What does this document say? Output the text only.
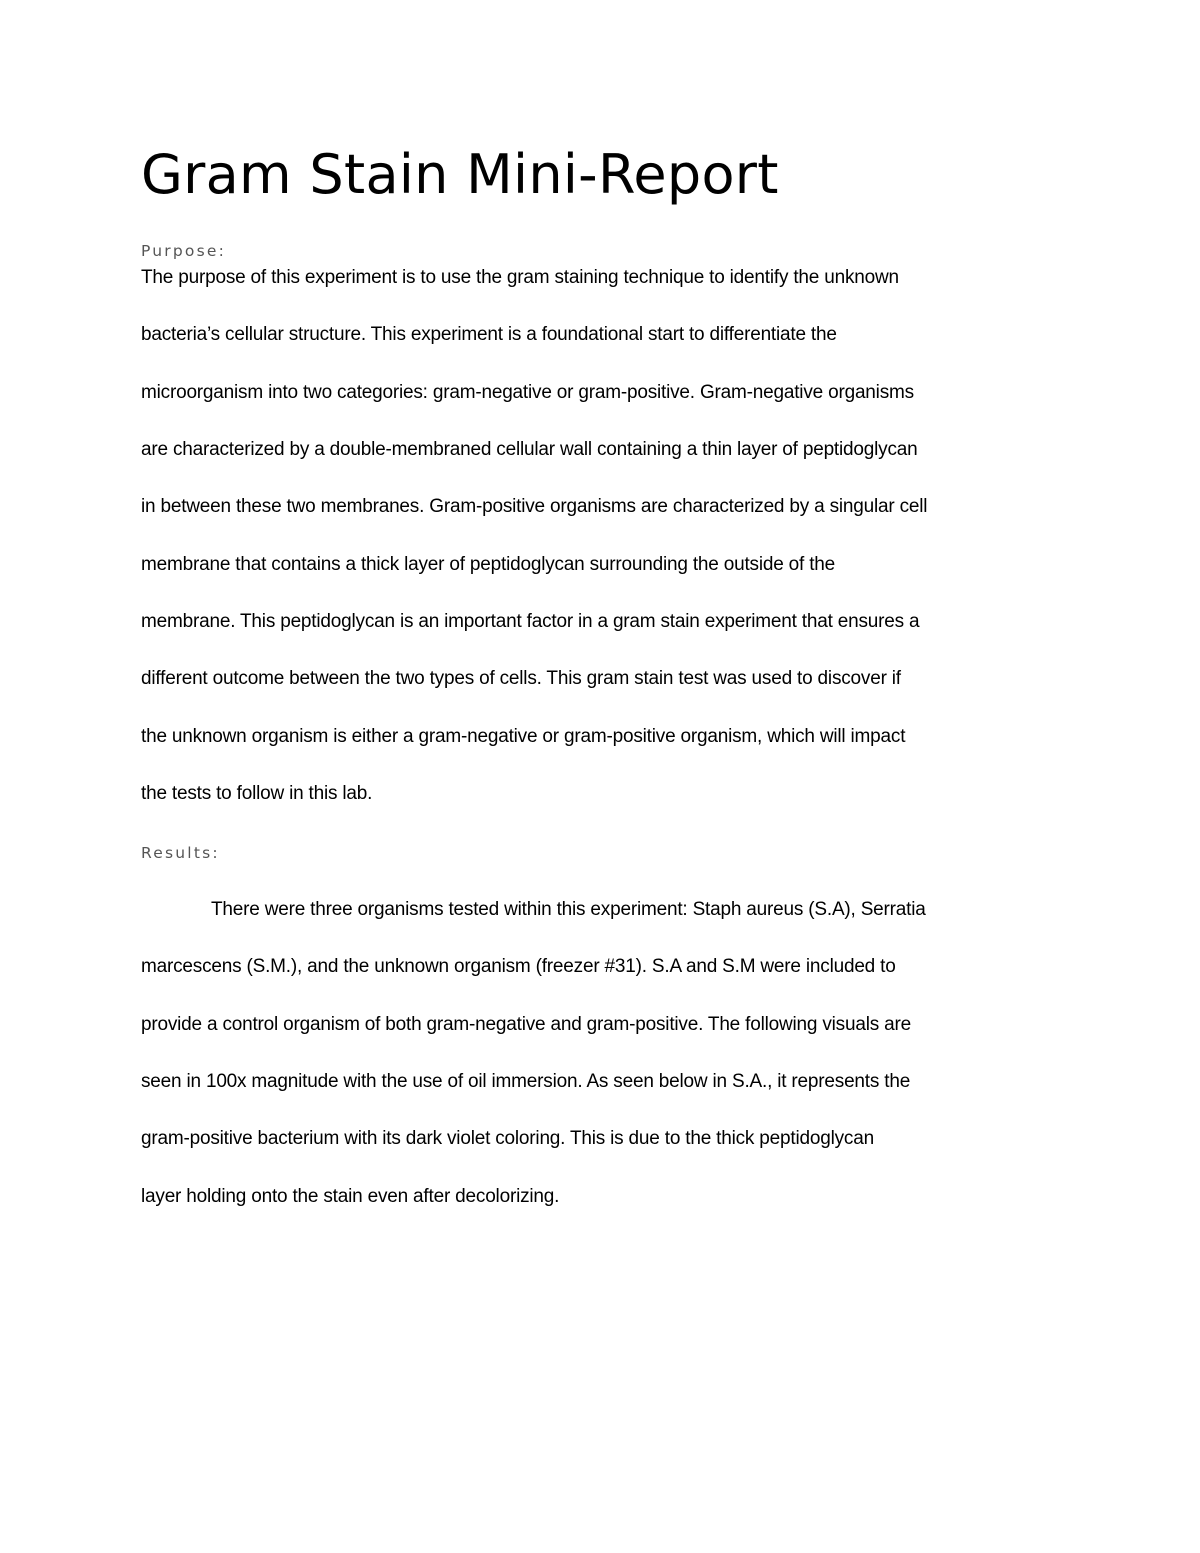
Gram Stain Mini-Report
Purpose:
The purpose of this experiment is to use the gram staining technique to identify the unknown
bacteria’s cellular structure. This experiment is a foundational start to differentiate the
microorganism into two categories: gram-negative or gram-positive. Gram-negative organisms
are characterized by a double-membraned cellular wall containing a thin layer of peptidoglycan
in between these two membranes. Gram-positive organisms are characterized by a singular cell
membrane that contains a thick layer of peptidoglycan surrounding the outside of the
membrane. This peptidoglycan is an important factor in a gram stain experiment that ensures a
different outcome between the two types of cells. This gram stain test was used to discover if
the unknown organism is either a gram-negative or gram-positive organism, which will impact
the tests to follow in this lab.
Results:
There were three organisms tested within this experiment: Staph aureus (S.A), Serratia
marcescens (S.M.), and the unknown organism (freezer #31). S.A and S.M were included to
provide a control organism of both gram-negative and gram-positive. The following visuals are
seen in 100x magnitude with the use of oil immersion. As seen below in S.A., it represents the
gram-positive bacterium with its dark violet coloring. This is due to the thick peptidoglycan
layer holding onto the stain even after decolorizing.
